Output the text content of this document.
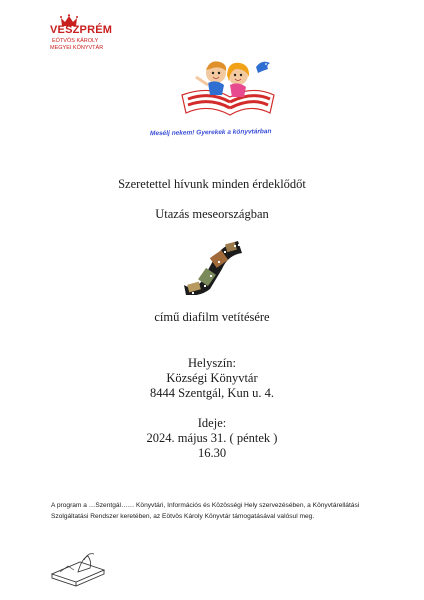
VESZPRÉM
EÖTVÖS KÁROLY
MEGYEI KÖNYVTÁR
Mesélj nekem! Gyerekek a könyvtárban
Szeretettel hívunk minden érdeklődőt
Utazás meseországban
című diafilm vetítésére
Helyszín:
Községi Könyvtár
8444 Szentgál, Kun u. 4.
Ideje:
2024. május 31. ( péntek )
16.30
A program a …Szentgál…… Könyvtári, Információs és Közösségi Hely szervezésében, a Könyvtárellátási Szolgáltatási Rendszer keretében, az Eötvös Károly Könyvtár támogatásával valósul meg.
